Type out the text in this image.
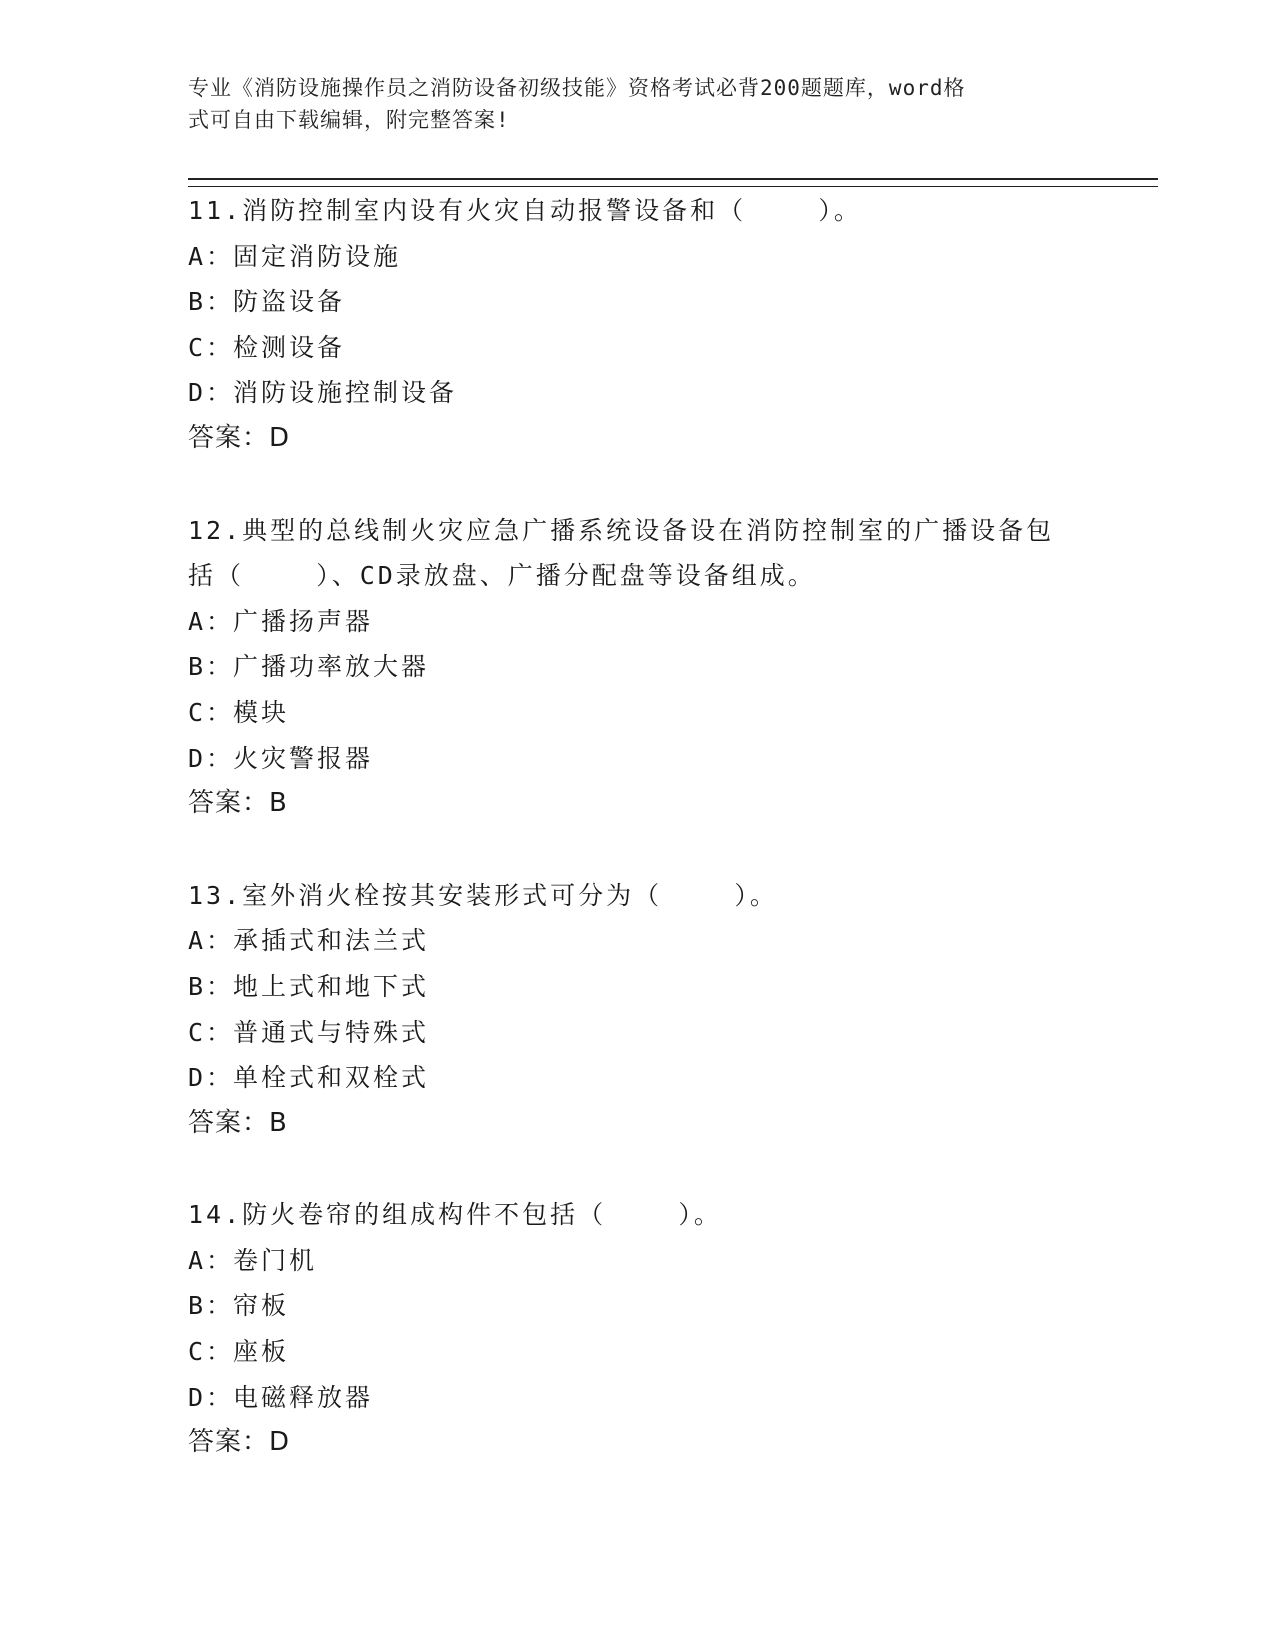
专业《消防设施操作员之消防设备初级技能》资格考试必背200题题库，word格
式可自由下载编辑，附完整答案!

11.消防控制室内设有火灾自动报警设备和（    ）。

A：
固定消防设施

B：
防盗设备

C：
检测设备

D：
消防设施控制设备

答案：D

12.典型的总线制火灾应急广播系统设备设在消防控制室的广播设备包

括（    ）、CD录放盘、广播分配盘等设备组成。

A：
广播扬声器

B：
广播功率放大器

C：
模块

D：
火灾警报器

答案：B

13.室外消火栓按其安装形式可分为（    ）。

A：
承插式和法兰式

B：
地上式和地下式

C：
普通式与特殊式

D：
单栓式和双栓式

答案：B

14.防火卷帘的组成构件不包括（    ）。

A：
卷门机

B：
帘板

C：
座板

D：
电磁释放器

答案：D
